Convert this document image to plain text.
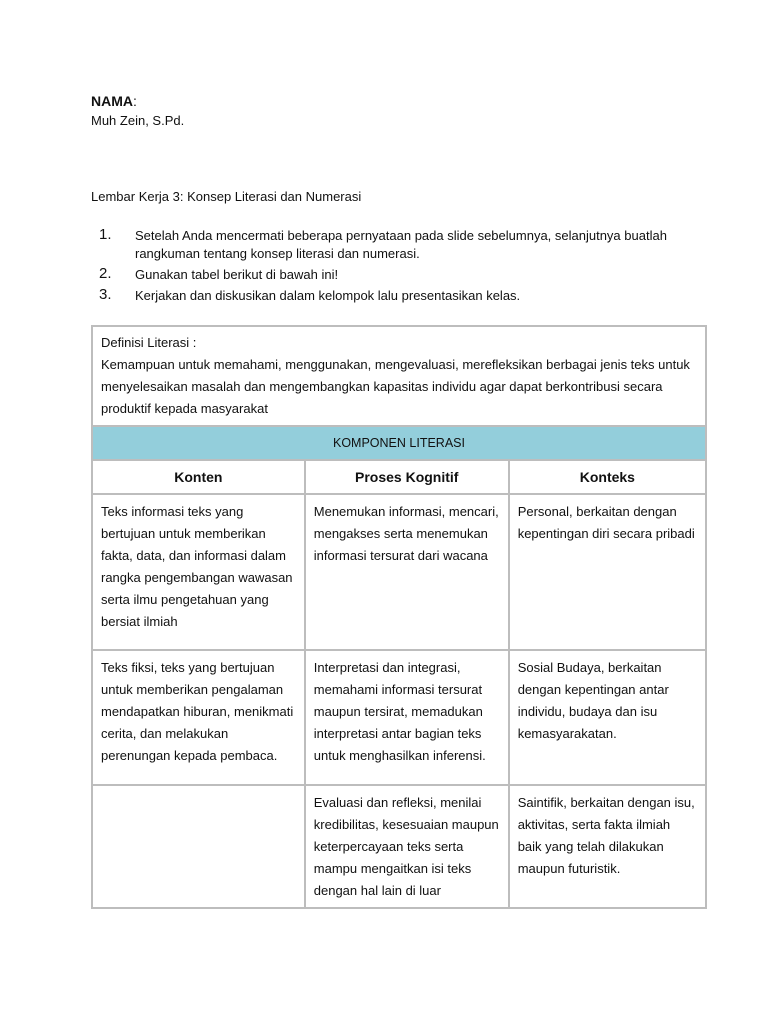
NAMA:
Muh Zein, S.Pd.
Lembar Kerja 3: Konsep Literasi dan Numerasi
1. Setelah Anda mencermati beberapa pernyataan pada slide sebelumnya, selanjutnya buatlah rangkuman tentang konsep literasi dan numerasi.
2. Gunakan tabel berikut di bawah ini!
3. Kerjakan dan diskusikan dalam kelompok lalu presentasikan kelas.
Definisi Literasi :
Kemampuan untuk memahami, menggunakan, mengevaluasi, merefleksikan berbagai jenis teks untuk menyelesaikan masalah dan mengembangkan kapasitas individu agar dapat berkontribusi secara produktif kepada masyarakat		

KOMPONEN LITERASI		
Konten	Proses Kognitif	Konteks
Teks informasi teks yang bertujuan untuk memberikan fakta, data, dan informasi dalam rangka pengembangan wawasan serta ilmu pengetahuan yang bersiat ilmiah	Menemukan informasi, mencari, mengakses serta menemukan informasi tersurat dari wacana	Personal, berkaitan dengan kepentingan diri secara pribadi
Teks fiksi, teks yang bertujuan untuk memberikan pengalaman mendapatkan hiburan, menikmati cerita, dan melakukan perenungan kepada pembaca.	Interpretasi dan integrasi, memahami informasi tersurat maupun tersirat, memadukan interpretasi antar bagian teks untuk menghasilkan inferensi.	Sosial Budaya, berkaitan dengan kepentingan antar individu, budaya dan isu kemasyarakatan.
	Evaluasi dan refleksi, menilai kredibilitas, kesesuaian maupun keterpercayaan teks serta mampu mengaitkan isi teks dengan hal lain di luar	Saintifik, berkaitan dengan isu, aktivitas, serta fakta ilmiah baik yang telah dilakukan maupun futuristik.
